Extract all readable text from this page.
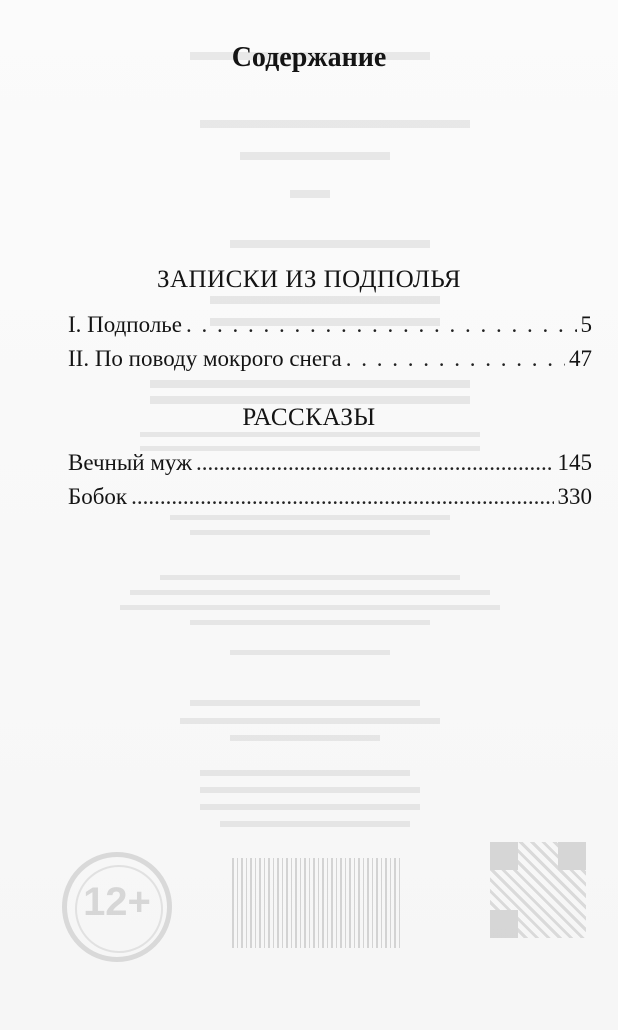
12+
Содержание
ЗАПИСКИ ИЗ ПОДПОЛЬЯ
I. Подполье . . .	5
II. По поводу мокрого снега . . .	47
РАССКАЗЫ
Вечный муж .....	145
Бобок .....	330
